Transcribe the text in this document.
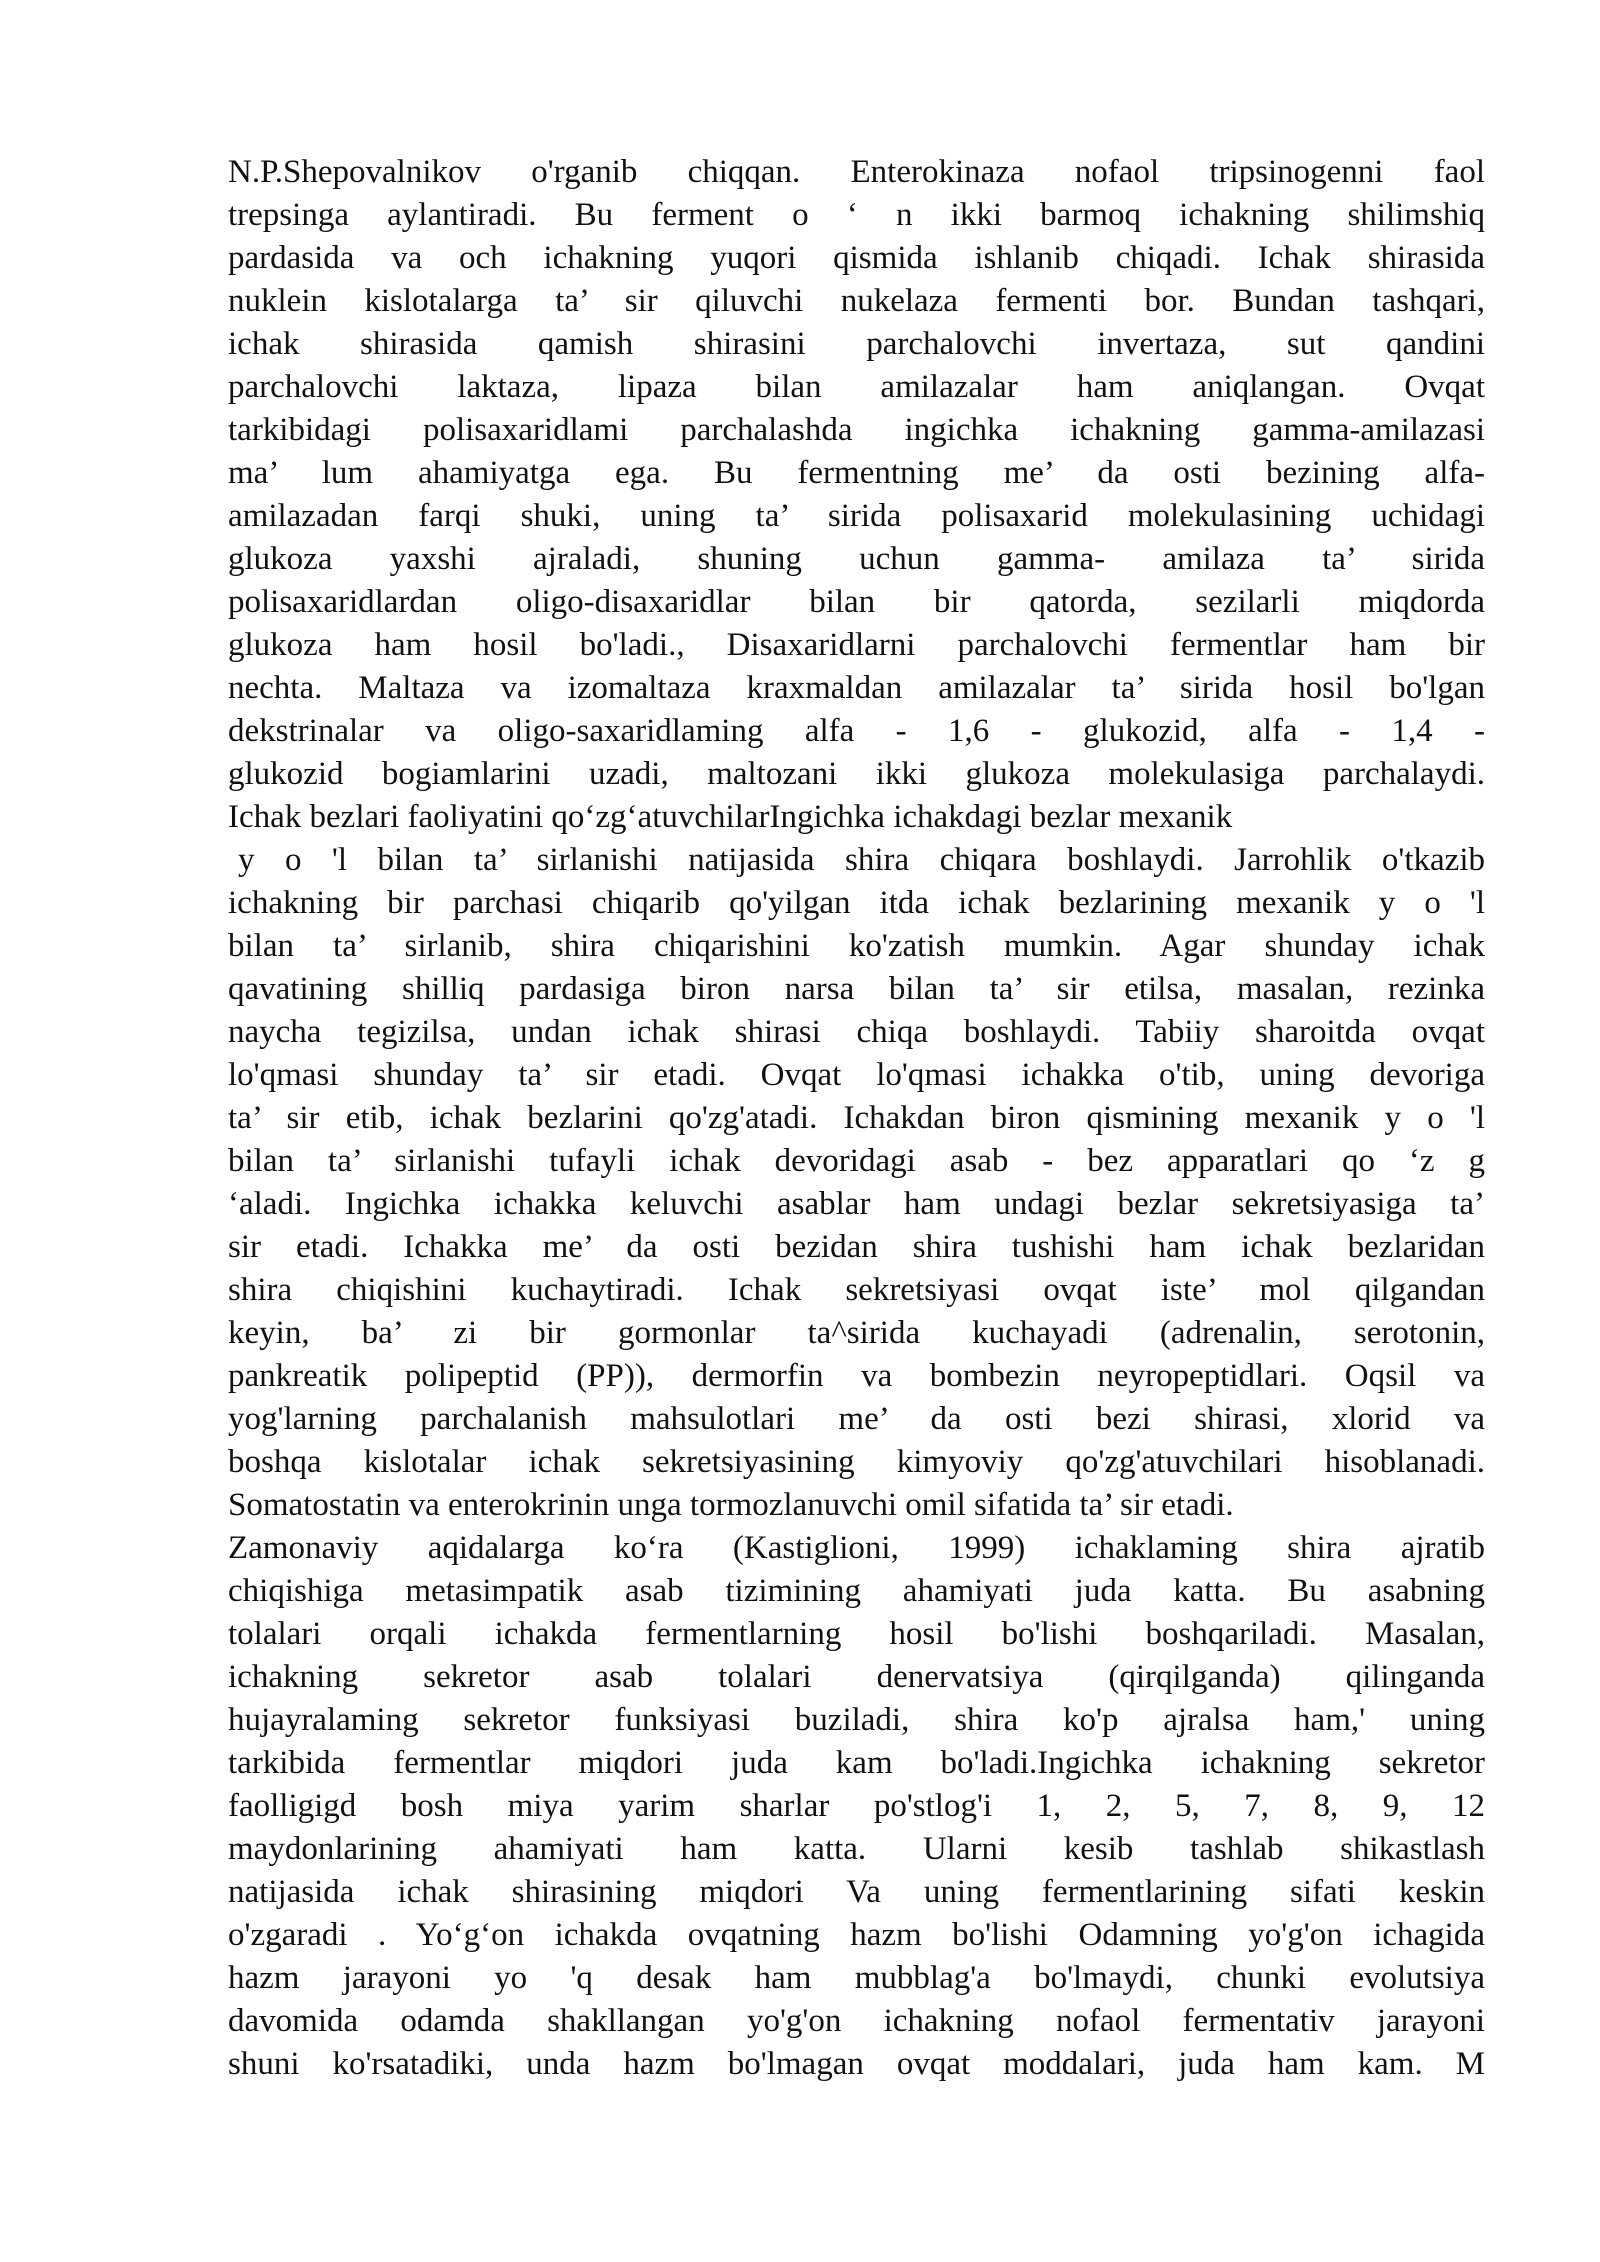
N.P.Shepovalnikov o'rganib chiqqan. Enterokinaza nofaol tripsinogenni faol
trepsinga aylantiradi. Bu ferment o ‘ n ikki barmoq ichakning shilimshiq
pardasida va och ichakning yuqori qismida ishlanib chiqadi. Ichak shirasida
nuklein kislotalarga ta’ sir qiluvchi nukelaza fermenti bor. Bundan tashqari,
ichak shirasida qamish shirasini parchalovchi invertaza, sut qandini
parchalovchi laktaza, lipaza bilan amilazalar ham aniqlangan. Ovqat
tarkibidagi polisaxaridlami parchalashda ingichka ichakning gamma-amilazasi
ma’ lum ahamiyatga ega. Bu fermentning me’ da osti bezining alfa-
amilazadan farqi shuki, uning ta’ sirida polisaxarid molekulasining uchidagi
glukoza yaxshi ajraladi, shuning uchun gamma- amilaza ta’ sirida
polisaxaridlardan oligo-disaxaridlar bilan bir qatorda, sezilarli miqdorda
glukoza ham hosil bo'ladi., Disaxaridlarni parchalovchi fermentlar ham bir
nechta. Maltaza va izomaltaza kraxmaldan amilazalar ta’ sirida hosil bo'lgan
dekstrinalar va oligo-saxaridlaming alfa - 1,6 - glukozid, alfa - 1,4 -
glukozid bogiamlarini uzadi, maltozani ikki glukoza molekulasiga parchalaydi.
Ichak bezlari faoliyatini qo‘zg‘atuvchilarIngichka ichakdagi bezlar mexanik
y o 'l bilan ta’ sirlanishi natijasida shira chiqara boshlaydi. Jarrohlik o'tkazib
ichakning bir parchasi chiqarib qo'yilgan itda ichak bezlarining mexanik y o 'l
bilan ta’ sirlanib, shira chiqarishini ko'zatish mumkin. Agar shunday ichak
qavatining shilliq pardasiga biron narsa bilan ta’ sir etilsa, masalan, rezinka
naycha tegizilsa, undan ichak shirasi chiqa boshlaydi. Tabiiy sharoitda ovqat
lo'qmasi shunday ta’ sir etadi. Ovqat lo'qmasi ichakka o'tib, uning devoriga
ta’ sir etib, ichak bezlarini qo'zg'atadi. Ichakdan biron qismining mexanik y o 'l
bilan ta’ sirlanishi tufayli ichak devoridagi asab - bez apparatlari qo ‘z g
‘aladi. Ingichka ichakka keluvchi asablar ham undagi bezlar sekretsiyasiga ta’
sir etadi. Ichakka me’ da osti bezidan shira tushishi ham ichak bezlaridan
shira chiqishini kuchaytiradi. Ichak sekretsiyasi ovqat iste’ mol qilgandan
keyin, ba’ zi bir gormonlar ta^sirida kuchayadi (adrenalin, serotonin,
pankreatik polipeptid (PP)), dermorfin va bombezin neyropeptidlari. Oqsil va
yog'larning parchalanish mahsulotlari me’ da osti bezi shirasi, xlorid va
boshqa kislotalar ichak sekretsiyasining kimyoviy qo'zg'atuvchilari hisoblanadi.
Somatostatin va enterokrinin unga tormozlanuvchi omil sifatida ta’ sir etadi.
Zamonaviy aqidalarga ko‘ra (Kastiglioni, 1999) ichaklaming shira ajratib
chiqishiga metasimpatik asab tizimining ahamiyati juda katta. Bu asabning
tolalari orqali ichakda fermentlarning hosil bo'lishi boshqariladi. Masalan,
ichakning sekretor asab tolalari denervatsiya (qirqilganda) qilinganda
hujayralaming sekretor funksiyasi buziladi, shira ko'p ajralsa ham,' uning
tarkibida fermentlar miqdori juda kam bo'ladi.Ingichka ichakning sekretor
faolligigd bosh miya yarim sharlar po'stlog'i 1, 2, 5, 7, 8, 9, 12
maydonlarining ahamiyati ham katta. Ularni kesib tashlab shikastlash
natijasida ichak shirasining miqdori Va uning fermentlarining sifati keskin
o'zgaradi . Yo‘g‘on ichakda ovqatning hazm bo'lishi Odamning yo'g'on ichagida
hazm jarayoni yo 'q desak ham mubblag'a bo'lmaydi, chunki evolutsiya
davomida odamda shakllangan yo'g'on ichakning nofaol fermentativ jarayoni
shuni ko'rsatadiki, unda hazm bo'lmagan ovqat moddalari, juda ham kam. M
